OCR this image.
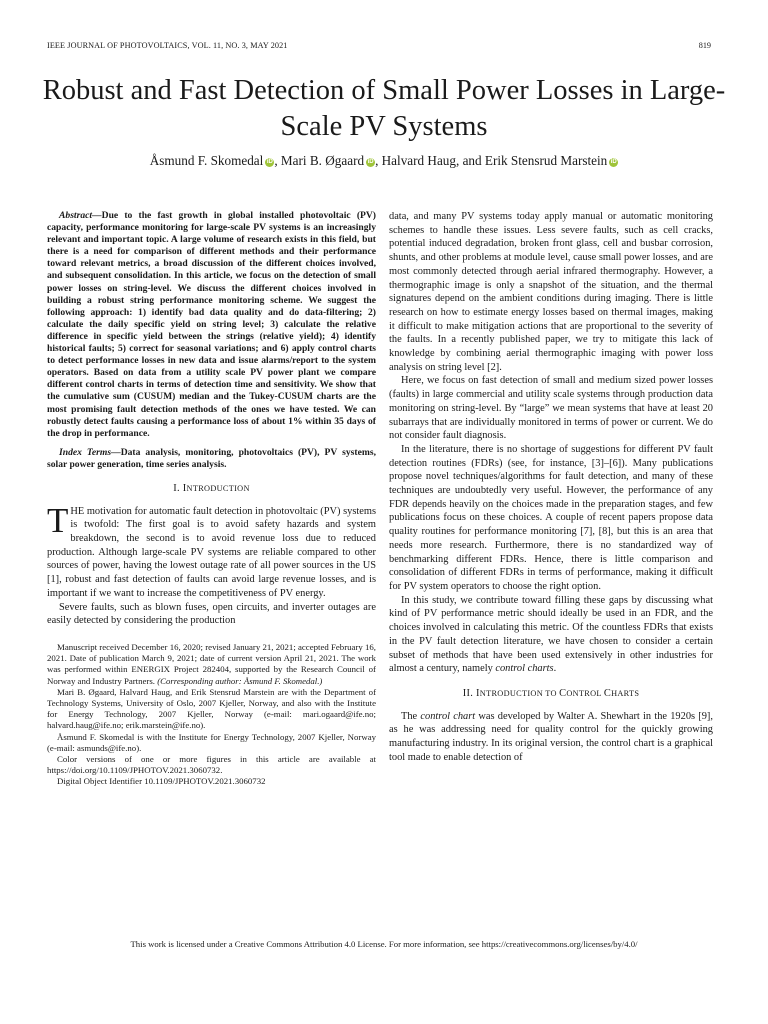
IEEE JOURNAL OF PHOTOVOLTAICS, VOL. 11, NO. 3, MAY 2021	819
Robust and Fast Detection of Small Power Losses in Large-Scale PV Systems
Åsmund F. Skomedal iD , Mari B. Øgaard iD , Halvard Haug, and Erik Stensrud Marstein iD

Abstract—Due to the fast growth in global installed photovoltaic (PV) capacity, performance monitoring for large-scale PV systems is an increasingly relevant and important topic. A large volume of research exists in this field, but there is a need for comparison of different methods and their performance toward relevant metrics, a broad discussion of the different choices involved, and subsequent consolidation. In this article, we focus on the detection of small power losses on string-level. We discuss the different choices involved in building a robust string performance monitoring scheme. We suggest the following approach: 1) identify bad data quality and do data-filtering; 2) calculate the daily specific yield on string level; 3) calculate the relative difference in specific yield between the strings (relative yield); 4) identify historical faults; 5) correct for seasonal variations; and 6) apply control charts to detect performance losses in new data and issue alarms/report to the system operators. Based on data from a utility scale PV power plant we compare different control charts in terms of detection time and sensitivity. We show that the cumulative sum (CUSUM) median and the Tukey-CUSUM charts are the most promising fault detection methods of the ones we have tested. We can robustly detect faults causing a performance loss of about 1% within 35 days of the drop in performance.

Index Terms—Data analysis, monitoring, photovoltaics (PV), PV systems, solar power generation, time series analysis.

I. INTRODUCTION

THE motivation for automatic fault detection in photovoltaic (PV) systems is twofold: The first goal is to avoid safety hazards and system breakdown, the second is to avoid revenue loss due to reduced production. Although large-scale PV systems are reliable compared to other sources of power, having the lowest outage rate of all power sources in the US [1], robust and fast detection of faults can avoid large revenue losses, and is important if we want to increase the competitiveness of PV energy.

Severe faults, such as blown fuses, open circuits, and inverter outages are easily detected by considering the production

Manuscript received December 16, 2020; revised January 21, 2021; accepted February 16, 2021. Date of publication March 9, 2021; date of current version April 21, 2021. The work was performed within ENERGIX Project 282404, supported by the Research Council of Norway and Industry Partners. (Corresponding author: Åsmund F. Skomedal.)

Mari B. Øgaard, Halvard Haug, and Erik Stensrud Marstein are with the Department of Technology Systems, University of Oslo, 2007 Kjeller, Norway, and also with the Institute for Energy Technology, 2007 Kjeller, Norway (e-mail: mari.ogaard@ife.no; halvard.haug@ife.no; erik.marstein@ife.no).

Åsmund F. Skomedal is with the Institute for Energy Technology, 2007 Kjeller, Norway (e-mail: asmunds@ife.no).

Color versions of one or more figures in this article are available at https://doi.org/10.1109/JPHOTOV.2021.3060732.

Digital Object Identifier 10.1109/JPHOTOV.2021.3060732

data, and many PV systems today apply manual or automatic monitoring schemes to handle these issues. Less severe faults, such as cell cracks, potential induced degradation, broken front glass, cell and busbar corrosion, shunts, and other problems at module level, cause small power losses, and are most commonly detected through aerial infrared thermography. However, a thermographic image is only a snapshot of the situation, and the thermal signatures depend on the ambient conditions during imaging. There is little research on how to estimate energy losses based on thermal images, making it difficult to make mitigation actions that are proportional to the severity of the faults. In a recently published paper, we try to mitigate this lack of knowledge by combining aerial thermographic imaging with power loss analysis on string level [2].

Here, we focus on fast detection of small and medium sized power losses (faults) in large commercial and utility scale systems through production data monitoring on string-level. By “large” we mean systems that have at least 20 subarrays that are individually monitored in terms of power or current. We do not consider fault diagnosis.

In the literature, there is no shortage of suggestions for different PV fault detection routines (FDRs) (see, for instance, [3]–[6]). Many publications propose novel techniques/algorithms for fault detection, and many of these techniques are undoubtedly very useful. However, the performance of any FDR depends heavily on the choices made in the preparation stages, and few publications focus on these choices. A couple of recent papers propose data quality routines for performance monitoring [7], [8], but this is an area that needs more research. Furthermore, there is no standardized way of benchmarking different FDRs. Hence, there is little comparison and consolidation of different FDRs in terms of performance, making it difficult for PV system operators to choose the right option.

In this study, we contribute toward filling these gaps by discussing what kind of PV performance metric should ideally be used in an FDR, and the choices involved in calculating this metric. Of the countless FDRs that exists in the PV fault detection literature, we have chosen to consider a certain subset of methods that have been used extensively in other industries for almost a century, namely control charts.

II. INTRODUCTION TO CONTROL CHARTS

The control chart was developed by Walter A. Shewhart in the 1920s [9], as he was addressing need for quality control for the quickly growing manufacturing industry. In its original version, the control chart is a graphical tool made to enable detection of

This work is licensed under a Creative Commons Attribution 4.0 License. For more information, see https://creativecommons.org/licenses/by/4.0/
